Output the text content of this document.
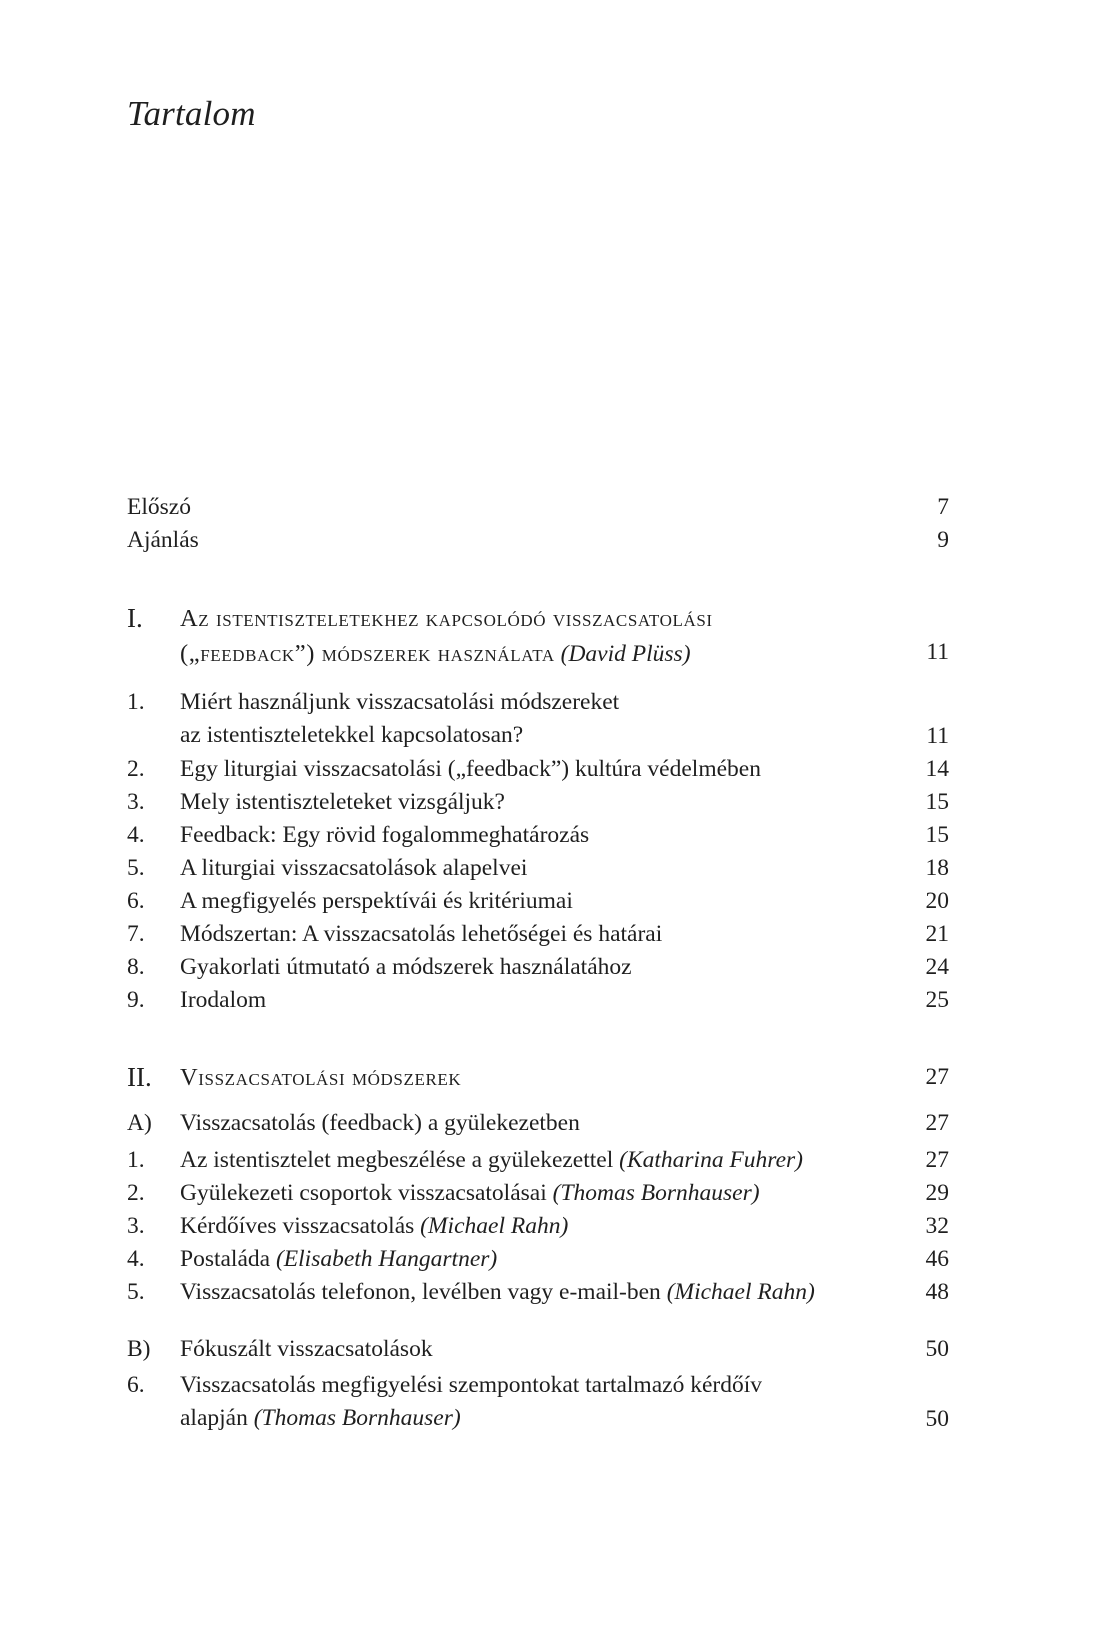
Tartalom
Előszó	7
Ajánlás	9
I. Az istentiszteletekhez kapcsolódó visszacsatolási
(„feedback”) módszerek használata (David Plüss)	11
1. Miért használjunk visszacsatolási módszereket
az istentiszteletekkel kapcsolatosan?	11
2. Egy liturgiai visszacsatolási („feedback”) kultúra védelmében	14
3. Mely istentiszteleteket vizsgáljuk?	15
4. Feedback: Egy rövid fogalommeghatározás	15
5. A liturgiai visszacsatolások alapelvei	18
6. A megfigyelés perspektívái és kritériumai	20
7. Módszertan: A visszacsatolás lehetőségei és határai	21
8. Gyakorlati útmutató a módszerek használatához	24
9. Irodalom	25
II. Visszacsatolási módszerek	27
A) Visszacsatolás (feedback) a gyülekezetben	27
1. Az istentisztelet megbeszélése a gyülekezettel (Katharina Fuhrer)	27
2. Gyülekezeti csoportok visszacsatolásai (Thomas Bornhauser)	29
3. Kérdőíves visszacsatolás (Michael Rahn)	32
4. Postaláda (Elisabeth Hangartner)	46
5. Visszacsatolás telefonon, levélben vagy e-mail-ben (Michael Rahn)	48
B) Fókuszált visszacsatolások	50
6. Visszacsatolás megfigyelési szempontokat tartalmazó kérdőív
alapján (Thomas Bornhauser)	50
